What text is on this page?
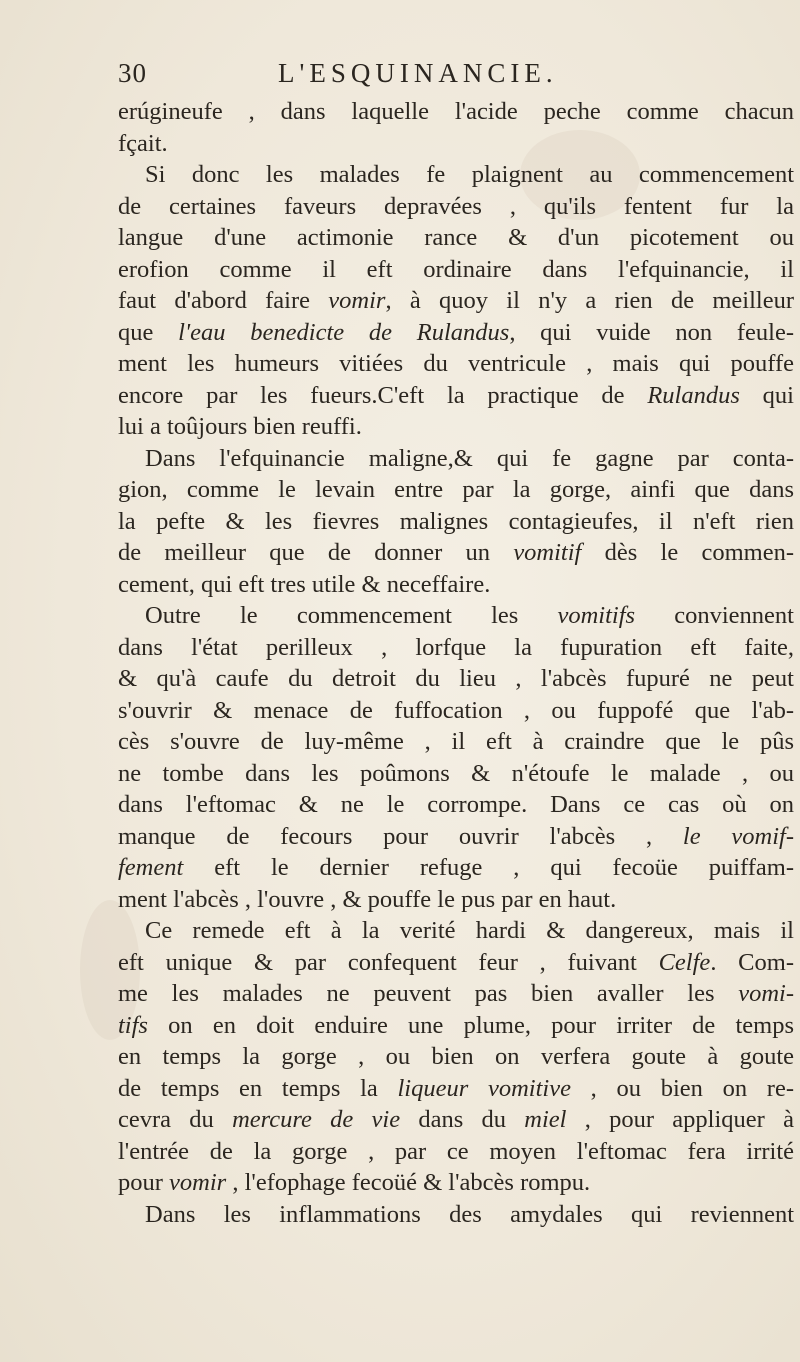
30	L'ESQUINANCIE.
erúgineufe , dans laquelle l'acide peche comme chacun
fçait.
Si donc les malades fe plaignent au commencement
de certaines faveurs depravées , qu'ils fentent fur la
langue d'une actimonie rance & d'un picotement ou
erofion comme il eft ordinaire dans l'efquinancie, il
faut d'abord faire vomir, à quoy il n'y a rien de meilleur
que l'eau benedicte de Rulandus, qui vuide non feule-
ment les humeurs vitiées du ventricule , mais qui pouffe
encore par les fueurs.C'eft la practique de Rulandus qui
lui a toûjours bien reuffi.
Dans l'efquinancie maligne,& qui fe gagne par conta-
gion, comme le levain entre par la gorge, ainfi que dans
la pefte & les fievres malignes contagieufes, il n'eft rien
de meilleur que de donner un vomitif dès le commen-
cement, qui eft tres utile & neceffaire.
Outre le commencement les vomitifs conviennent
dans l'état perilleux , lorfque la fupuration eft faite,
& qu'à caufe du detroit du lieu , l'abcès fupuré ne peut
s'ouvrir & menace de fuffocation , ou fuppofé que l'ab-
cès s'ouvre de luy-même , il eft à craindre que le pûs
ne tombe dans les poûmons & n'étoufe le malade , ou
dans l'eftomac & ne le corrompe. Dans ce cas où on
manque de fecours pour ouvrir l'abcès , le vomif-
fement eft le dernier refuge , qui fecoüe puiffam-
ment l'abcès , l'ouvre , & pouffe le pus par en haut.
Ce remede eft à la verité hardi & dangereux, mais il
eft unique & par confequent feur , fuivant Celfe. Com-
me les malades ne peuvent pas bien avaller les vomi-
tifs on en doit enduire une plume, pour irriter de temps
en temps la gorge , ou bien on verfera goute à goute
de temps en temps la liqueur vomitive , ou bien on re-
cevra du mercure de vie dans du miel , pour appliquer à
l'entrée de la gorge , par ce moyen l'eftomac fera irrité
pour vomir , l'efophage fecoüé & l'abcès rompu.
Dans les inflammations des amydales qui reviennent
